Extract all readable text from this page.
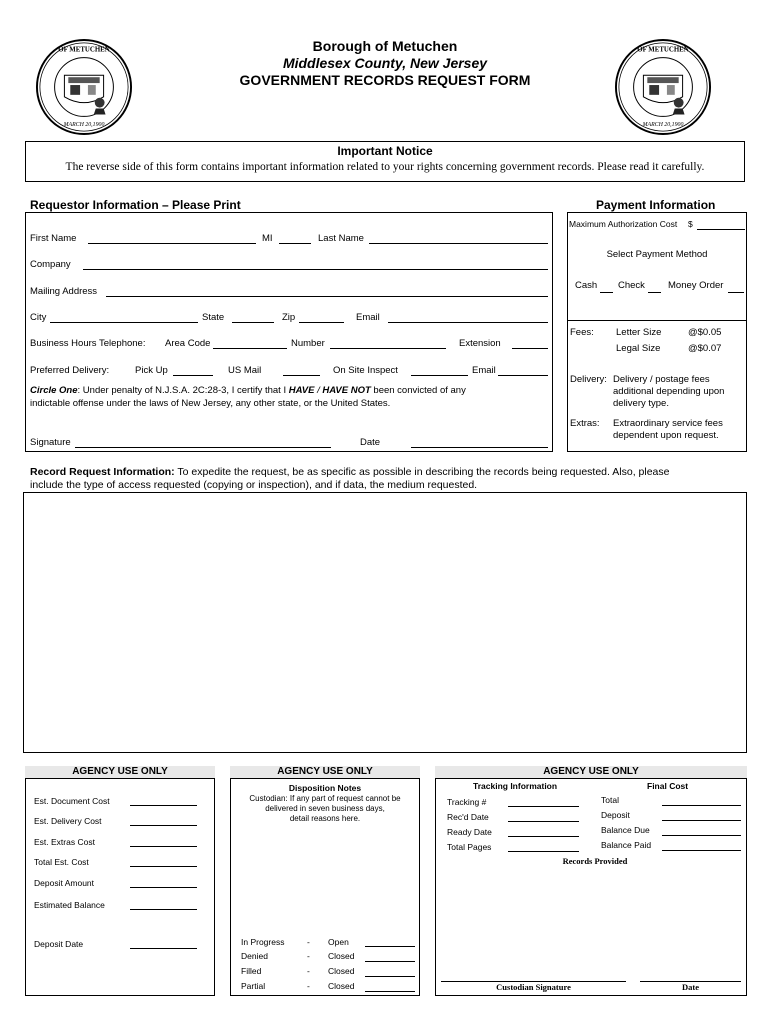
OF METUCHEN
MARCH 20,1900
OF METUCHEN
MARCH 20,1900
Borough of Metuchen
Middlesex County, New Jersey
GOVERNMENT RECORDS REQUEST FORM
Important Notice
The reverse side of this form contains important information related to your rights concerning government records. Please read it carefully.
Requestor Information – Please Print
First Name	MI	Last Name
Company
Mailing Address
City	State	Zip	Email
Business Hours Telephone: Area Code	Number	Extension
Preferred Delivery:	Pick Up	US Mail	On Site Inspect	Email
Circle One: Under penalty of N.J.S.A. 2C:28-3, I certify that I HAVE / HAVE NOT been convicted of any
indictable offense under the laws of New Jersey, any other state, or the United States.
Signature	Date
Payment Information
Maximum Authorization Cost $
Select Payment Method
Cash Check Money Order
Fees: Letter Size	@$0.05
Legal Size	@$0.07
Delivery: Delivery / postage fees
additional depending upon
delivery type.
Extras: Extraordinary service fees
dependent upon request.
Record Request Information: To expedite the request, be as specific as possible in describing the records being requested. Also, please
include the type of access requested (copying or inspection), and if data, the medium requested.
AGENCY USE ONLY
Est. Document Cost
Est. Delivery Cost
Est. Extras Cost
Total Est. Cost
Deposit Amount
Estimated Balance
Deposit Date
AGENCY USE ONLY
Disposition Notes
Custodian: If any part of request cannot be
delivered in seven business days,
detail reasons here.
In Progress	- Open
Denied	- Closed
Filled	- Closed
Partial	- Closed
AGENCY USE ONLY
Tracking Information	Final Cost
Tracking #
Rec'd Date
Ready Date
Total Pages
Total
Deposit
Balance Due
Balance Paid
Records Provided
Custodian Signature	Date
